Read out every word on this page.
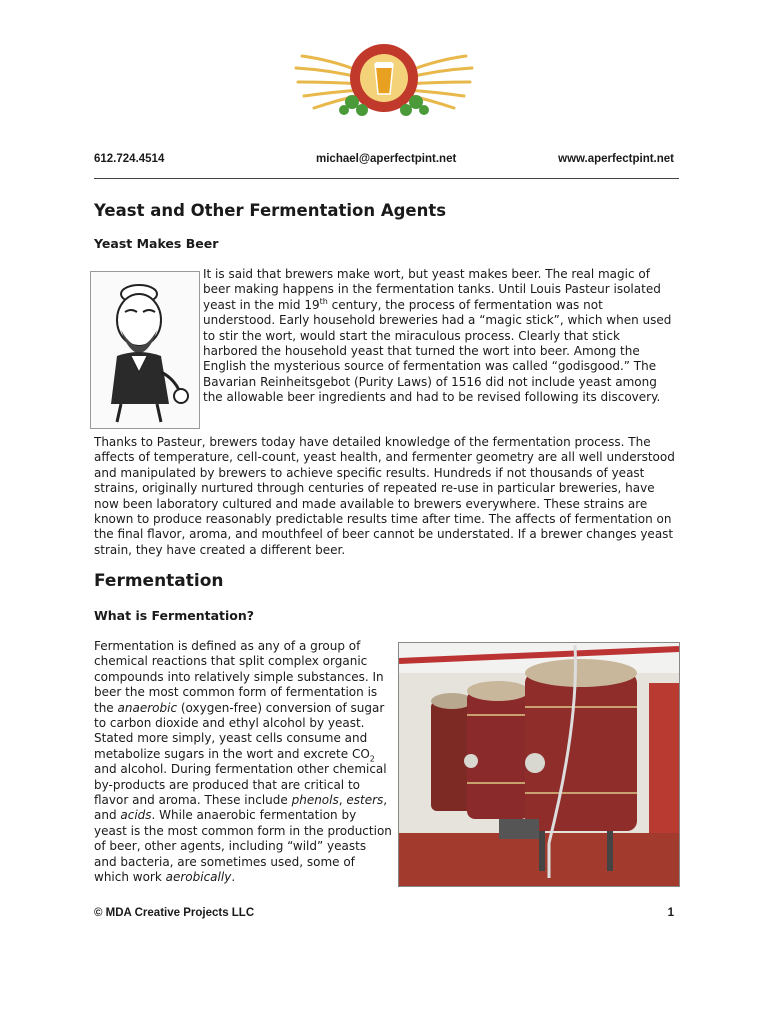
612.724.4514	michael@aperfectpint.net	www.aperfectpint.net
Yeast and Other Fermentation Agents
Yeast Makes Beer

It is said that brewers make wort, but yeast makes beer. The real magic of beer making happens in the fermentation tanks. Until Louis Pasteur isolated yeast in the mid 19th century, the process of fermentation was not understood. Early household breweries had a “magic stick”, which when used to stir the wort, would start the miraculous process. Clearly that stick harbored the household yeast that turned the wort into beer. Among the English the mysterious source of fermentation was called “godisgood.” The Bavarian Reinheitsgebot (Purity Laws) of 1516 did not include yeast among the allowable beer ingredients and had to be revised following its discovery.

Thanks to Pasteur, brewers today have detailed knowledge of the fermentation process. The affects of temperature, cell-count, yeast health, and fermenter geometry are all well understood and manipulated by brewers to achieve specific results. Hundreds if not thousands of yeast strains, originally nurtured through centuries of repeated re-use in particular breweries, have now been laboratory cultured and made available to brewers everywhere. These strains are known to produce reasonably predictable results time after time. The affects of fermentation on the final flavor, aroma, and mouthfeel of beer cannot be understated. If a brewer changes yeast strain, they have created a different beer.

Fermentation
What is Fermentation?

Fermentation is defined as any of a group of chemical reactions that split complex organic compounds into relatively simple substances. In beer the most common form of fermentation is the anaerobic (oxygen-free) conversion of sugar to carbon dioxide and ethyl alcohol by yeast. Stated more simply, yeast cells consume and metabolize sugars in the wort and excrete $CO_2$ and alcohol. During fermentation other chemical by-products are produced that are critical to flavor and aroma. These include phenols, esters, and acids. While anaerobic fermentation by yeast is the most common form in the production of beer, other agents, including “wild” yeasts and bacteria, are sometimes used, some of which work aerobically.

© MDA Creative Projects LLC	1
